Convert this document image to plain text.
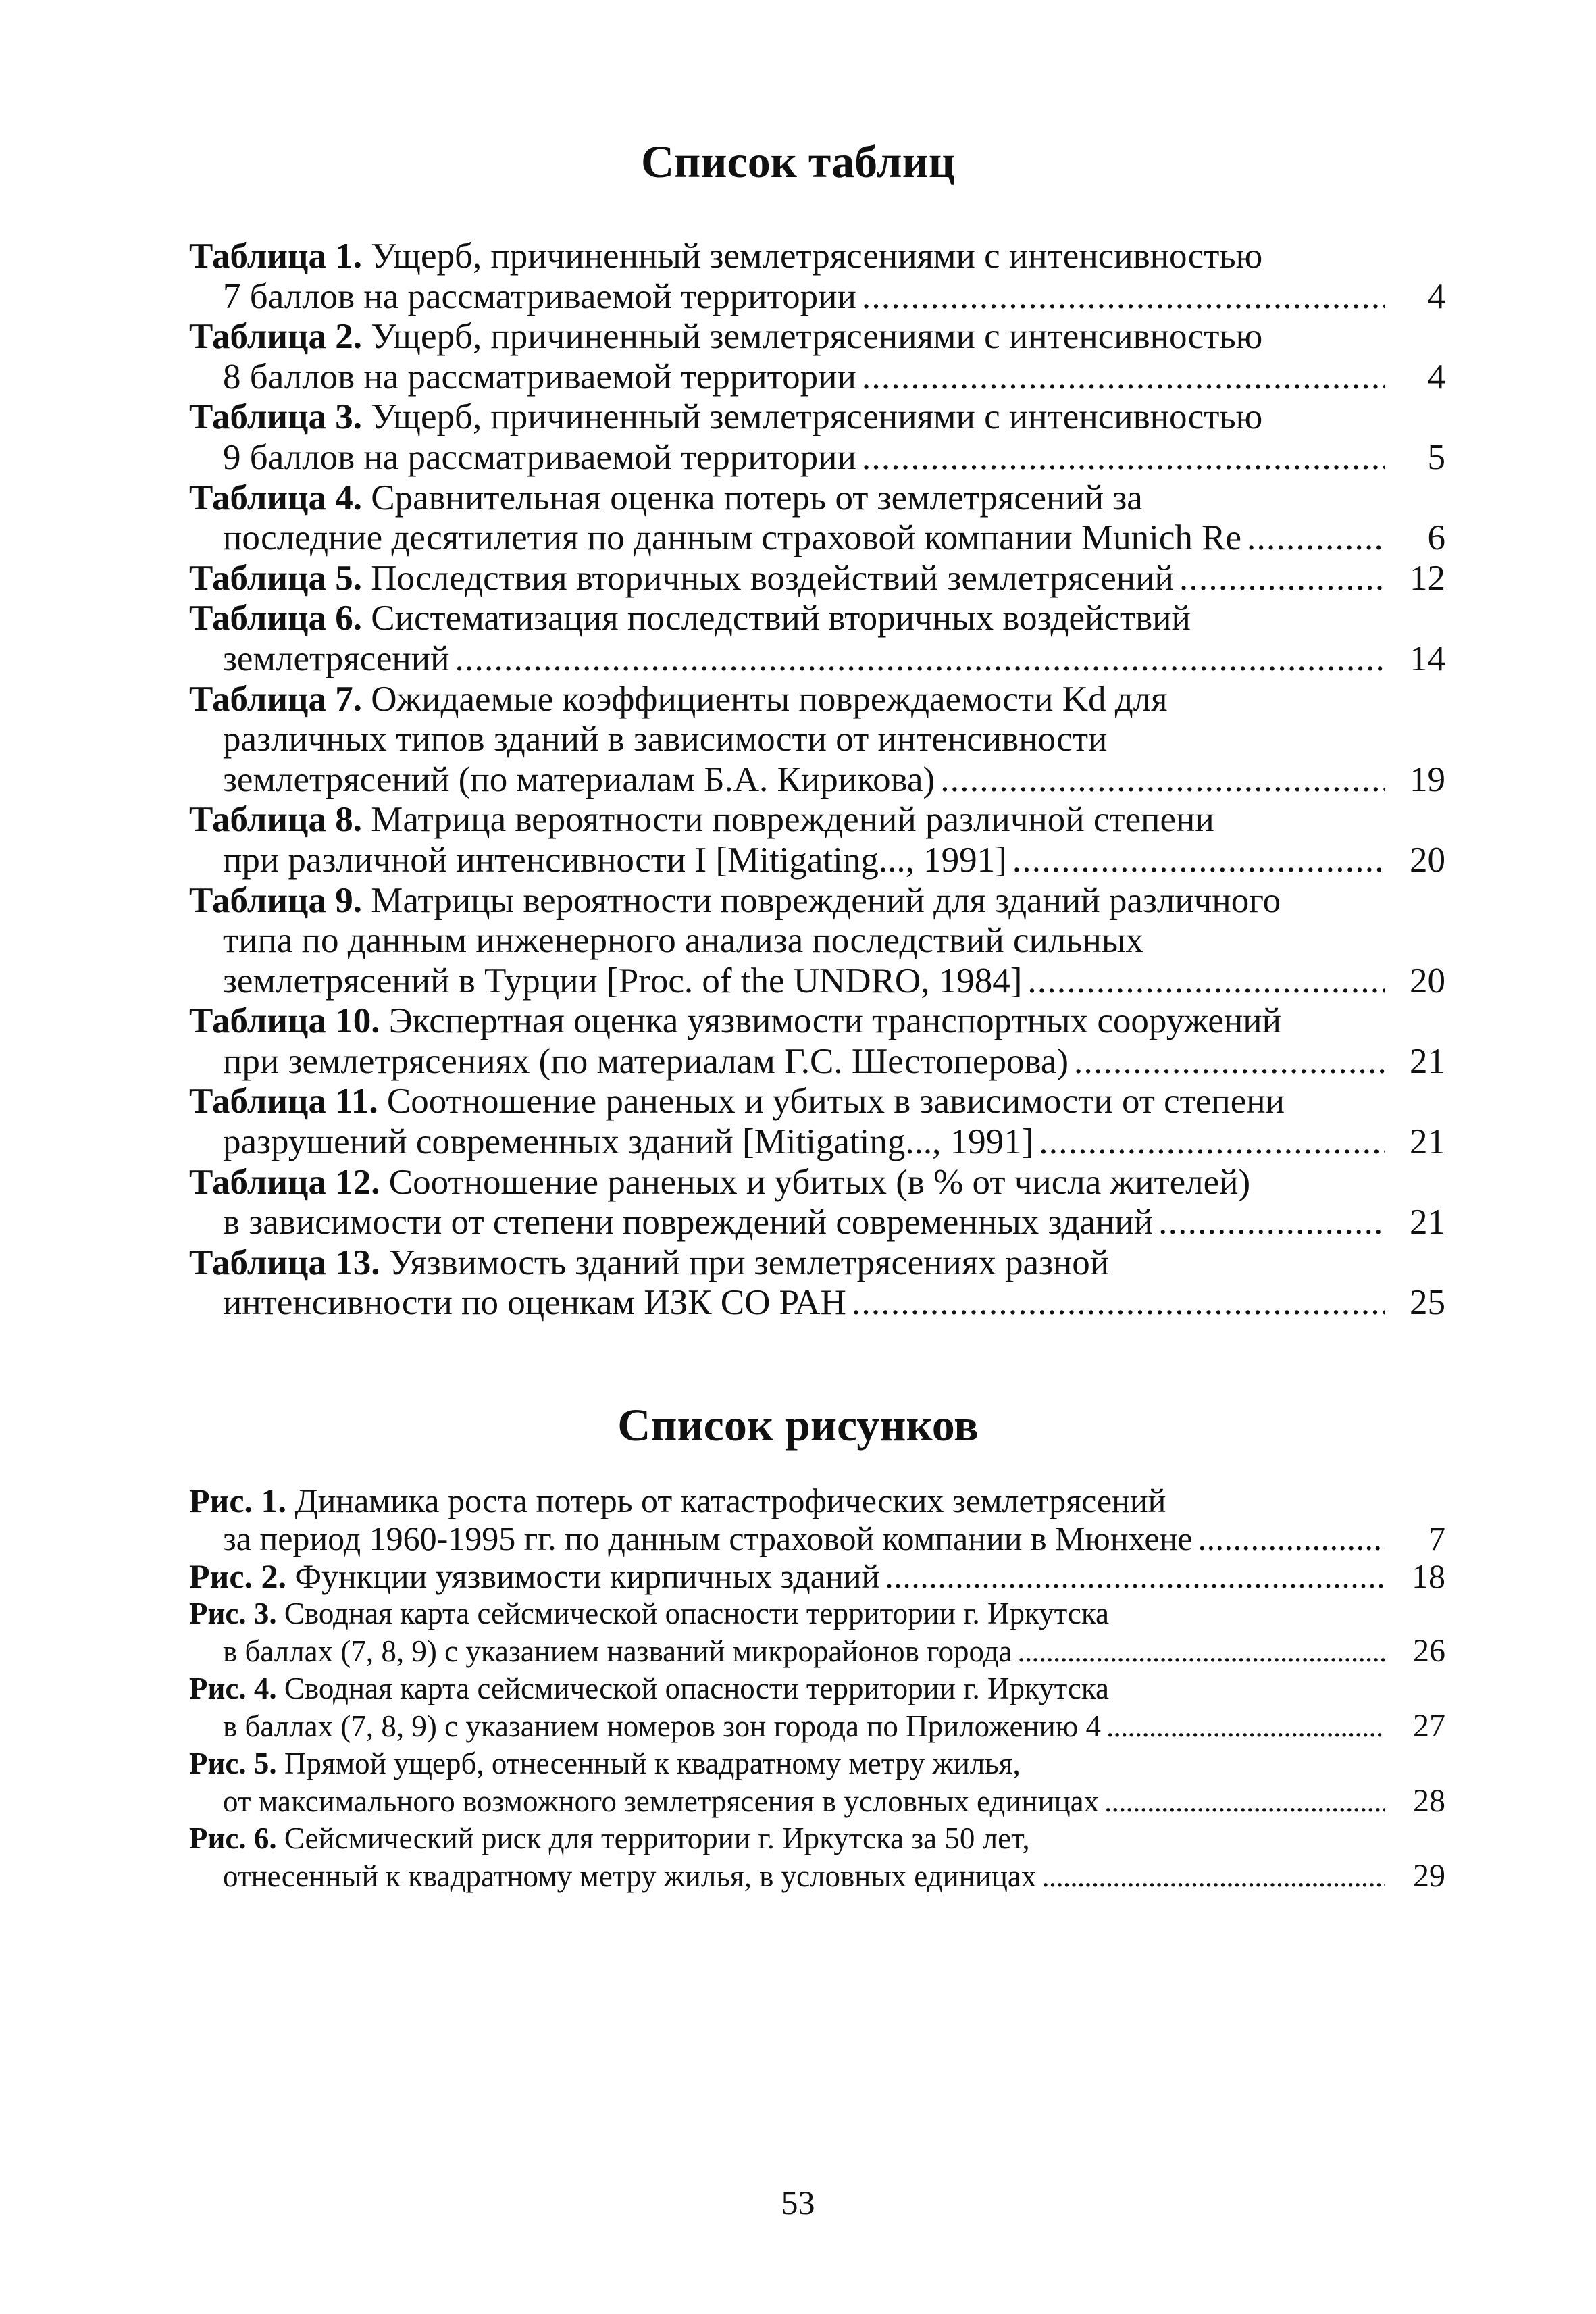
Список таблиц
Таблица 1. Ущерб, причиненный землетрясениями с интенсивностью
7 баллов на рассматриваемой территории . . .	4
Таблица 2. Ущерб, причиненный землетрясениями с интенсивностью
8 баллов на рассматриваемой территории . . .	4
Таблица 3. Ущерб, причиненный землетрясениями с интенсивностью
9 баллов на рассматриваемой территории . . .	5
Таблица 4. Сравнительная оценка потерь от землетрясений за
последние десятилетия по данным страховой компании Munich Re . . .	6
Таблица 5. Последствия вторичных воздействий землетрясений . . .	12
Таблица 6. Систематизация последствий вторичных воздействий
землетрясений . . .	14
Таблица 7. Ожидаемые коэффициенты повреждаемости Kd для
различных типов зданий в зависимости от интенсивности
землетрясений (по материалам Б.А. Кирикова) . . .	19
Таблица 8. Матрица вероятности повреждений различной степени
при различной интенсивности I [Mitigating..., 1991] . . .	20
Таблица 9. Матрицы вероятности повреждений для зданий различного
типа по данным инженерного анализа последствий сильных
землетрясений в Турции [Proc. of the UNDRO, 1984] . . .	20
Таблица 10. Экспертная оценка уязвимости транспортных сооружений
при землетрясениях (по материалам Г.С. Шестоперова) . . .	21
Таблица 11. Соотношение раненых и убитых в зависимости от степени
разрушений современных зданий [Mitigating..., 1991] . . .	21
Таблица 12. Соотношение раненых и убитых (в % от числа жителей)
в зависимости от степени повреждений современных зданий . . .	21
Таблица 13. Уязвимость зданий при землетрясениях разной
интенсивности по оценкам ИЗК СО РАН . . .	25
Список рисунков
Рис. 1. Динамика роста потерь от катастрофических землетрясений
за период 1960-1995 гг. по данным страховой компании в Мюнхене . . .	7
Рис. 2. Функции уязвимости кирпичных зданий . . .	18
Рис. 3. Сводная карта сейсмической опасности территории г. Иркутска
в баллах (7, 8, 9) с указанием названий микрорайонов города . . .	26
Рис. 4. Сводная карта сейсмической опасности территории г. Иркутска
в баллах (7, 8, 9) с указанием номеров зон города по Приложению 4 . . .	27
Рис. 5. Прямой ущерб, отнесенный к квадратному метру жилья,
от максимального возможного землетрясения в условных единицах . . .	28
Рис. 6. Сейсмический риск для территории г. Иркутска за 50 лет,
отнесенный к квадратному метру жилья, в условных единицах . . .	29
53
